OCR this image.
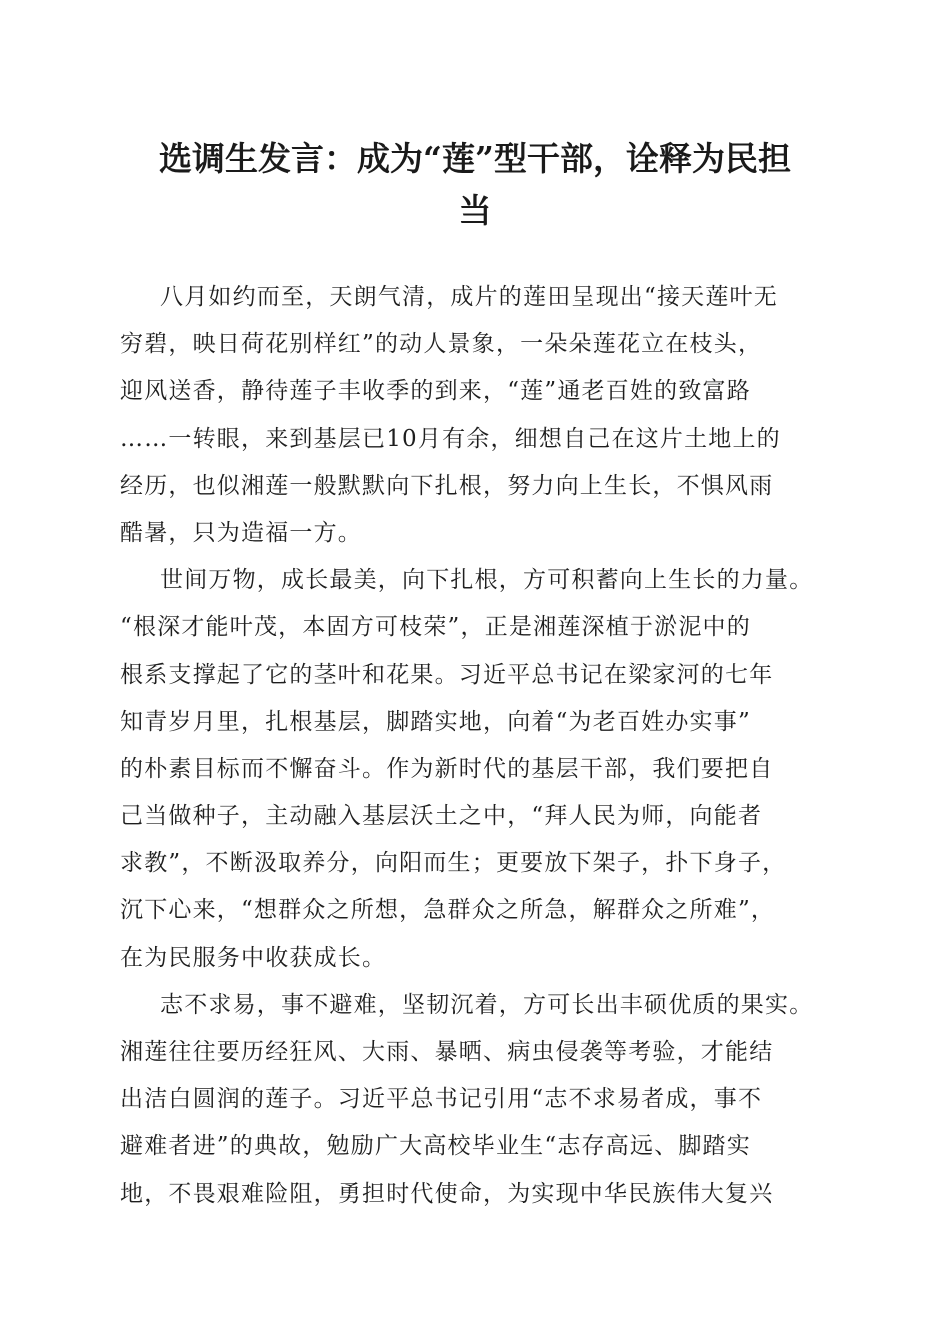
选调生发言：成为“莲”型干部，诠释为民担
当
八月如约而至，天朗气清，成片的莲田呈现出“接天莲叶无
穷碧，映日荷花别样红”的动人景象，一朵朵莲花立在枝头，
迎风送香，静待莲子丰收季的到来，“莲”通老百姓的致富路
……一转眼，来到基层已10月有余，细想自己在这片土地上的
经历，也似湘莲一般默默向下扎根，努力向上生长，不惧风雨
酷暑，只为造福一方。
世间万物，成长最美，向下扎根，方可积蓄向上生长的力量。
“根深才能叶茂，本固方可枝荣”，正是湘莲深植于淤泥中的
根系支撑起了它的茎叶和花果。习近平总书记在梁家河的七年
知青岁月里，扎根基层，脚踏实地，向着“为老百姓办实事”
的朴素目标而不懈奋斗。作为新时代的基层干部，我们要把自
己当做种子，主动融入基层沃土之中，“拜人民为师，向能者
求教”，不断汲取养分，向阳而生；更要放下架子，扑下身子，
沉下心来，“想群众之所想，急群众之所急，解群众之所难”，
在为民服务中收获成长。
志不求易，事不避难，坚韧沉着，方可长出丰硕优质的果实。
湘莲往往要历经狂风、大雨、暴晒、病虫侵袭等考验，才能结
出洁白圆润的莲子。习近平总书记引用“志不求易者成，事不
避难者进”的典故，勉励广大高校毕业生“志存高远、脚踏实
地，不畏艰难险阻，勇担时代使命，为实现中华民族伟大复兴
